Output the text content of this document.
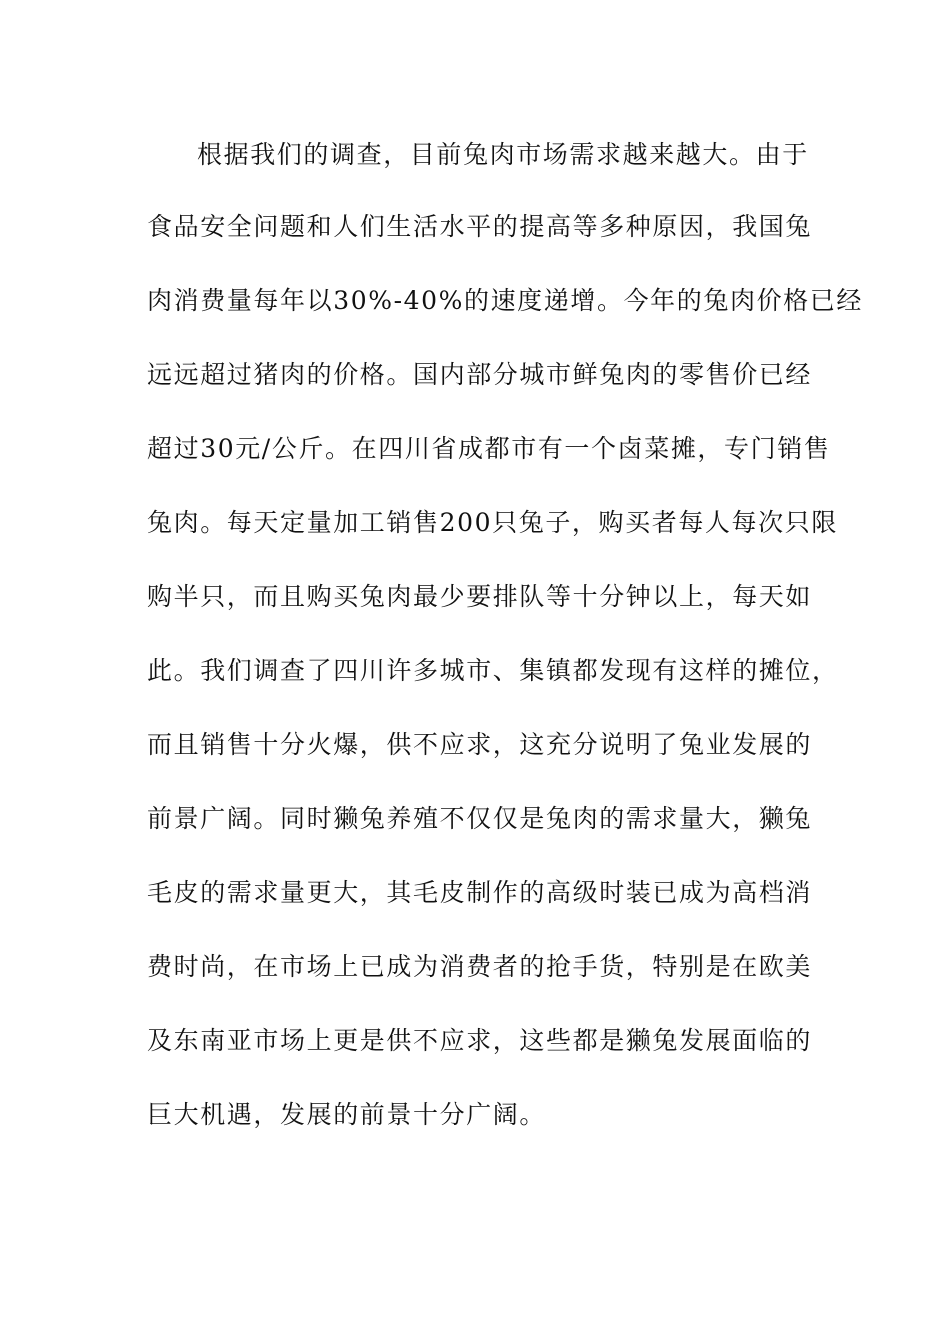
根据我们的调查，目前兔肉市场需求越来越大。由于
食品安全问题和人们生活水平的提高等多种原因，我国兔
肉消费量每年以30%-40%的速度递增。今年的兔肉价格已经
远远超过猪肉的价格。国内部分城市鲜兔肉的零售价已经
超过30元/公斤。在四川省成都市有一个卤菜摊，专门销售
兔肉。每天定量加工销售200只兔子，购买者每人每次只限
购半只，而且购买兔肉最少要排队等十分钟以上，每天如
此。我们调查了四川许多城市、集镇都发现有这样的摊位，
而且销售十分火爆，供不应求，这充分说明了兔业发展的
前景广阔。同时獭兔养殖不仅仅是兔肉的需求量大，獭兔
毛皮的需求量更大，其毛皮制作的高级时装已成为高档消
费时尚，在市场上已成为消费者的抢手货，特别是在欧美
及东南亚市场上更是供不应求，这些都是獭兔发展面临的
巨大机遇，发展的前景十分广阔。
